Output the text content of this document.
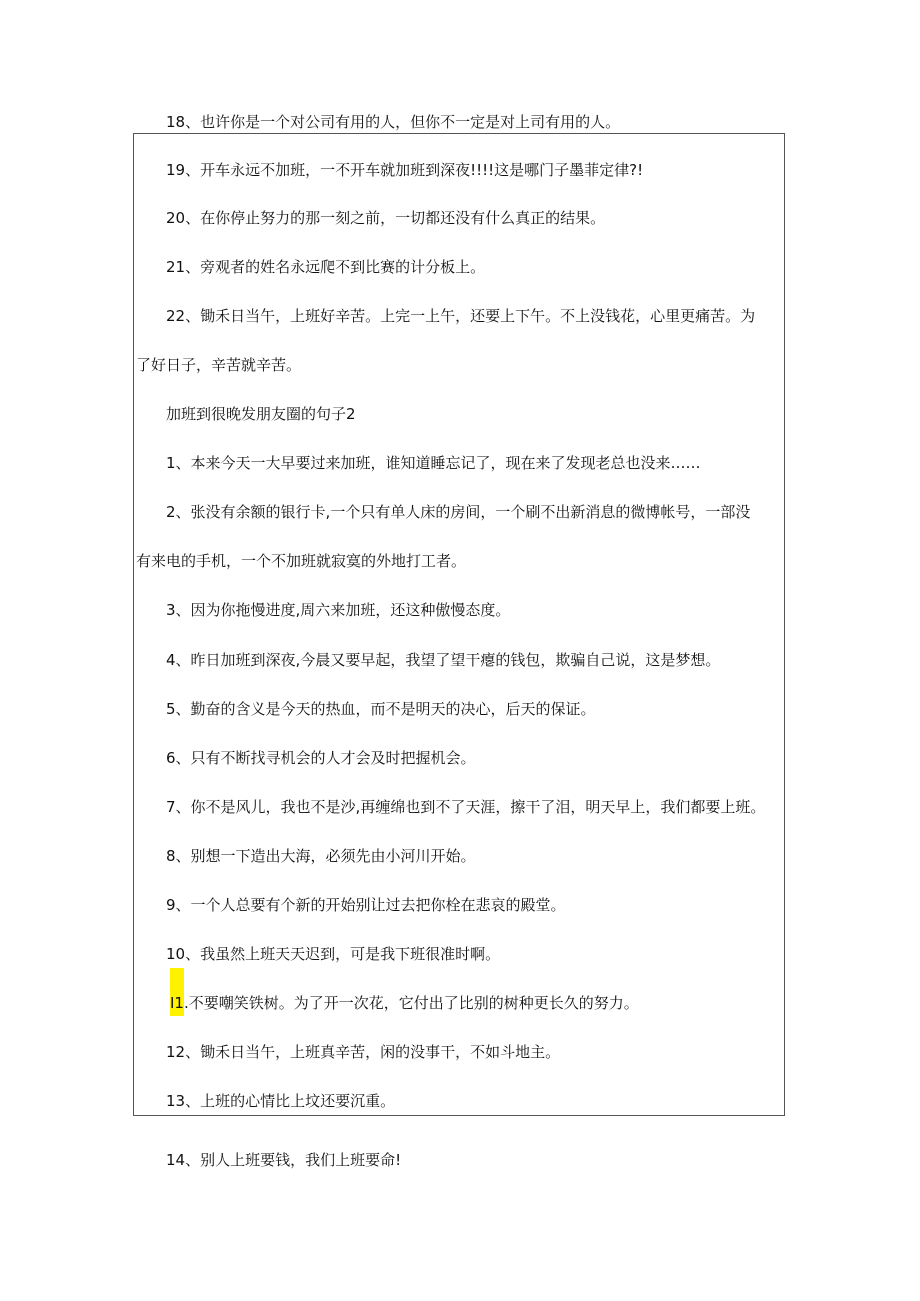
18、也许你是一个对公司有用的人，但你不一定是对上司有用的人。
19、开车永远不加班，一不开车就加班到深夜!!!!这是哪门子墨菲定律?!
20、在你停止努力的那一刻之前，一切都还没有什么真正的结果。
21、旁观者的姓名永远爬不到比赛的计分板上。
22、锄禾日当午，上班好辛苦。上完一上午，还要上下午。不上没钱花，心里更痛苦。为
了好日子，辛苦就辛苦。
加班到很晚发朋友圈的句子2
1、本来今天一大早要过来加班，谁知道睡忘记了，现在来了发现老总也没来……
2、张没有余额的银行卡,一个只有单人床的房间，一个刷不出新消息的微博帐号，一部没
有来电的手机，一个不加班就寂寞的外地打工者。
3、因为你拖慢进度,周六来加班，还这种傲慢态度。
4、昨日加班到深夜,今晨又要早起，我望了望干瘪的钱包，欺骗自己说，这是梦想。
5、勤奋的含义是今天的热血，而不是明天的决心，后天的保证。
6、只有不断找寻机会的人才会及时把握机会。
7、你不是风儿，我也不是沙,再缠绵也到不了天涯，擦干了泪，明天早上，我们都要上班。
8、别想一下造出大海，必须先由小河川开始。
9、一个人总要有个新的开始别让过去把你栓在悲哀的殿堂。
10、我虽然上班天天迟到，可是我下班很准时啊。
I1.不要嘲笑铁树。为了开一次花，它付出了比别的树种更长久的努力。
12、锄禾日当午，上班真辛苦，闲的没事干，不如斗地主。
13、上班的心情比上坟还要沉重。
14、别人上班要钱，我们上班要命!
